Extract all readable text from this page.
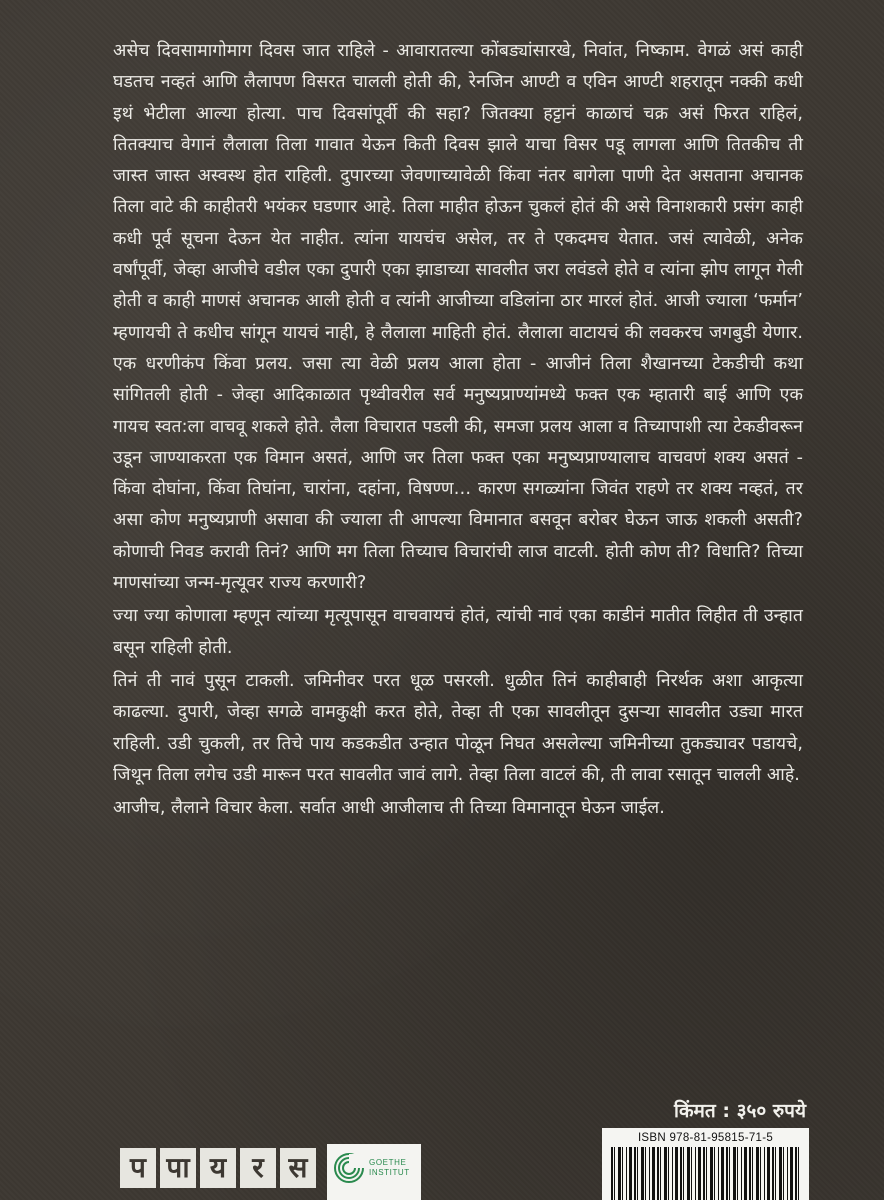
असेच दिवसामागोमाग दिवस जात राहिले - आवारातल्या कोंबड्यांसारखे, निवांत, निष्काम. वेगळं असं काही घडतच नव्हतं आणि लैलापण विसरत चालली होती की, रेनजिन आण्टी व एविन आण्टी शहरातून नक्की कधी इथं भेटीला आल्या होत्या. पाच दिवसांपूर्वी की सहा? जितक्या हट्टानं काळाचं चक्र असं फिरत राहिलं, तितक्याच वेगानं लैलाला तिला गावात येऊन किती दिवस झाले याचा विसर पडू लागला आणि तितकीच ती जास्त जास्त अस्वस्थ होत राहिली. दुपारच्या जेवणाच्यावेळी किंवा नंतर बागेला पाणी देत असताना अचानक तिला वाटे की काहीतरी भयंकर घडणार आहे. तिला माहीत होऊन चुकलं होतं की असे विनाशकारी प्रसंग काही कधी पूर्व सूचना देऊन येत नाहीत. त्यांना यायचंच असेल, तर ते एकदमच येतात. जसं त्यावेळी, अनेक वर्षांपूर्वी, जेव्हा आजीचे वडील एका दुपारी एका झाडाच्या सावलीत जरा लवंडले होते व त्यांना झोप लागून गेली होती व काही माणसं अचानक आली होती व त्यांनी आजीच्या वडिलांना ठार मारलं होतं. आजी ज्याला ‘फर्मान’ म्हणायची ते कधीच सांगून यायचं नाही, हे लैलाला माहिती होतं. लैलाला वाटायचं की लवकरच जगबुडी येणार. एक धरणीकंप किंवा प्रलय. जसा त्या वेळी प्रलय आला होता - आजीनं तिला शैखानच्या टेकडीची कथा सांगितली होती - जेव्हा आदिकाळात पृथ्वीवरील सर्व मनुष्यप्राण्यांमध्ये फक्त एक म्हातारी बाई आणि एक गायच स्वत:ला वाचवू शकले होते. लैला विचारात पडली की, समजा प्रलय आला व तिच्यापाशी त्या टेकडीवरून उडून जाण्याकरता एक विमान असतं, आणि जर तिला फक्त एका मनुष्यप्राण्यालाच वाचवणं शक्य असतं - किंवा दोघांना, किंवा तिघांना, चारांना, दहांना, विषण्ण… कारण सगळ्यांना जिवंत राहणे तर शक्य नव्हतं, तर असा कोण मनुष्यप्राणी असावा की ज्याला ती आपल्या विमानात बसवून बरोबर घेऊन जाऊ शकली असती? कोणाची निवड करावी तिनं? आणि मग तिला तिच्याच विचारांची लाज वाटली. होती कोण ती? विधाति? तिच्या माणसांच्या जन्म-मृत्यूवर राज्य करणारी?

ज्या ज्या कोणाला म्हणून त्यांच्या मृत्यूपासून वाचवायचं होतं, त्यांची नावं एका काडीनं मातीत लिहीत ती उन्हात बसून राहिली होती.

तिनं ती नावं पुसून टाकली. जमिनीवर परत धूळ पसरली. धुळीत तिनं काहीबाही निरर्थक अशा आकृत्या काढल्या. दुपारी, जेव्हा सगळे वामकुक्षी करत होते, तेव्हा ती एका सावलीतून दुसऱ्या सावलीत उड्या मारत राहिली. उडी चुकली, तर तिचे पाय कडकडीत उन्हात पोळून निघत असलेल्या जमिनीच्या तुकड्यावर पडायचे, जिथून तिला लगेच उडी मारून परत सावलीत जावं लागे. तेव्हा तिला वाटलं की, ती लावा रसातून चालली आहे.

आजीच, लैलाने विचार केला. सर्वात आधी आजीलाच ती तिच्या विमानातून घेऊन जाईल.

किंमत : ३५० रुपये
ISBN 978-81-95815-71-5
प पा य र स	GOETHE
INSTITUT
